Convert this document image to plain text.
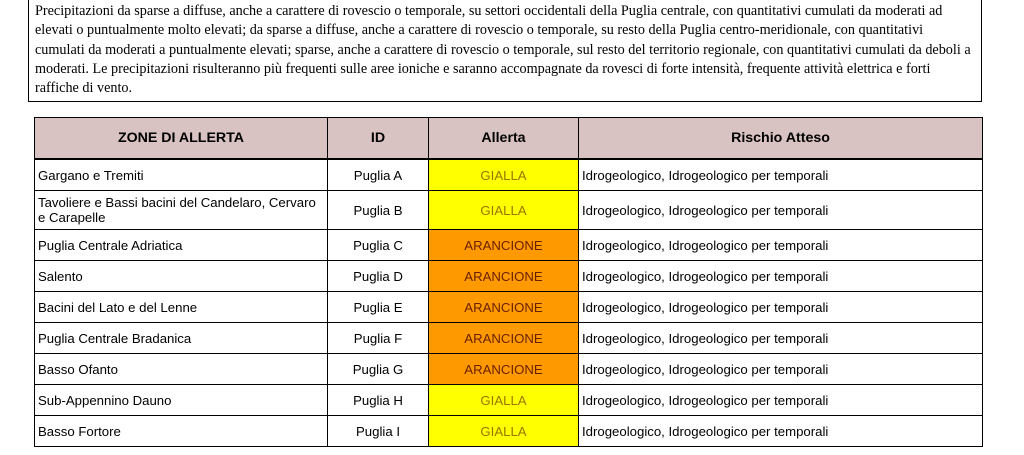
Precipitazioni da sparse a diffuse, anche a carattere di rovescio o temporale, su settori occidentali della Puglia centrale, con quantitativi cumulati da moderati ad elevati o puntualmente molto elevati; da sparse a diffuse, anche a carattere di rovescio o temporale, su resto della Puglia centro-meridionale, con quantitativi cumulati da moderati a puntualmente elevati; sparse, anche a carattere di rovescio o temporale, sul resto del territorio regionale, con quantitativi cumulati da deboli a moderati. Le precipitazioni risulteranno più frequenti sulle aree ioniche e saranno accompagnate da rovesci di forte intensità, frequente attività elettrica e forti raffiche di vento.
ZONE DI ALLERTA	ID	Allerta	Rischio Atteso
Gargano e Tremiti	Puglia A	GIALLA	Idrogeologico, Idrogeologico per temporali
Tavoliere e Bassi bacini del Candelaro, Cervaro e Carapelle	Puglia B	GIALLA	Idrogeologico, Idrogeologico per temporali
Puglia Centrale Adriatica	Puglia C	ARANCIONE	Idrogeologico, Idrogeologico per temporali
Salento	Puglia D	ARANCIONE	Idrogeologico, Idrogeologico per temporali
Bacini del Lato e del Lenne	Puglia E	ARANCIONE	Idrogeologico, Idrogeologico per temporali
Puglia Centrale Bradanica	Puglia F	ARANCIONE	Idrogeologico, Idrogeologico per temporali
Basso Ofanto	Puglia G	ARANCIONE	Idrogeologico, Idrogeologico per temporali
Sub-Appennino Dauno	Puglia H	GIALLA	Idrogeologico, Idrogeologico per temporali
Basso Fortore	Puglia I	GIALLA	Idrogeologico, Idrogeologico per temporali
